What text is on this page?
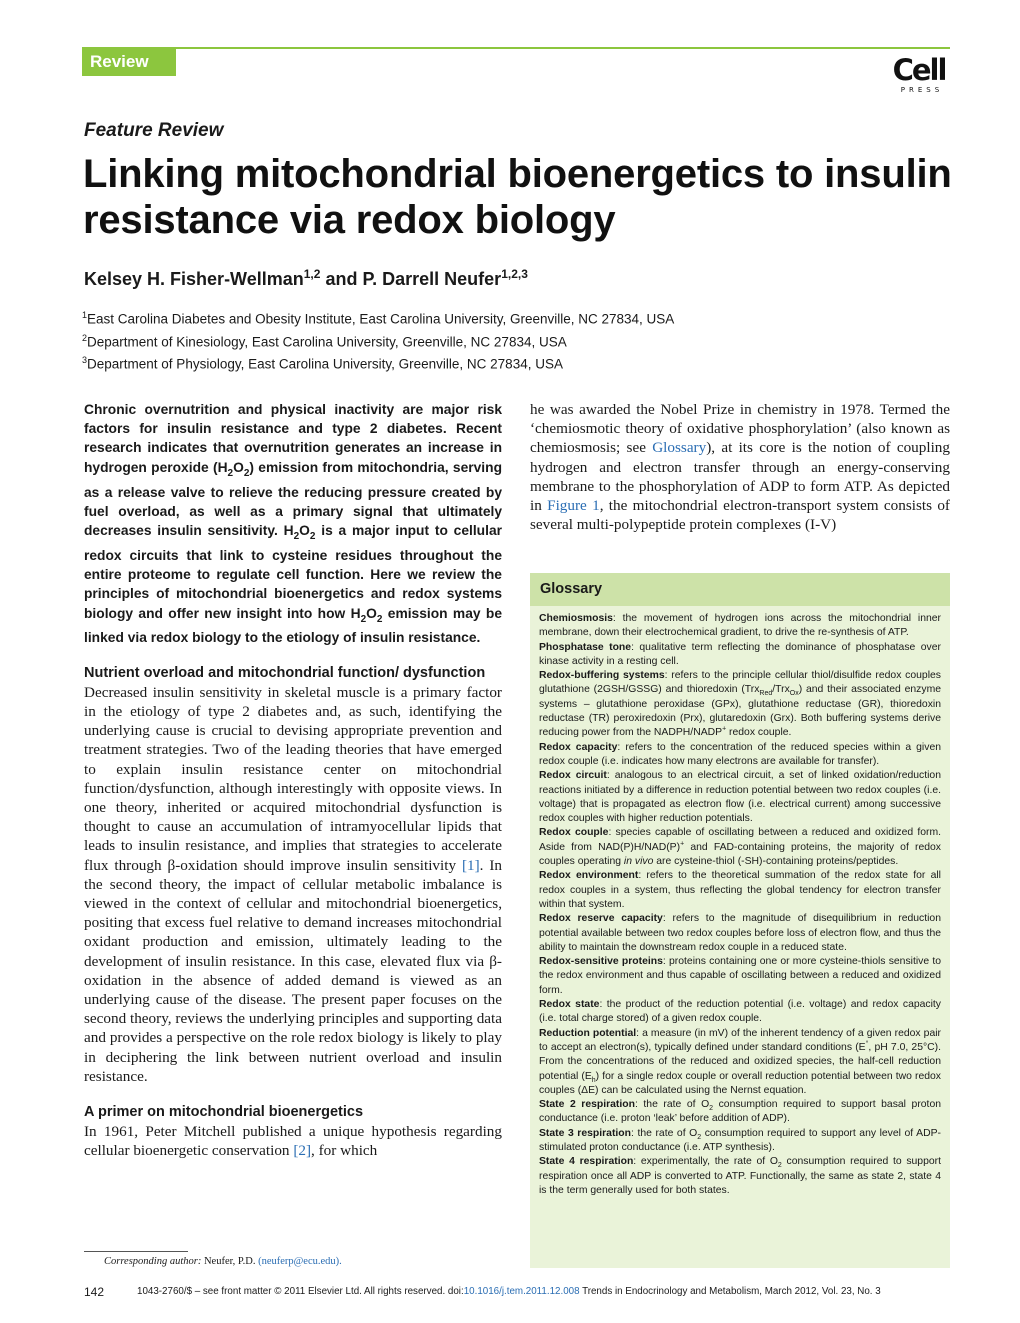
Review	Cell
PRESS
Feature Review
Linking mitochondrial bioenergetics to insulin resistance via redox biology
Kelsey H. Fisher-Wellman$^{1,2}$ and P. Darrell Neufer$^{1,2,3}$
$^1$East Carolina Diabetes and Obesity Institute, East Carolina University, Greenville, NC 27834, USA
$^2$Department of Kinesiology, East Carolina University, Greenville, NC 27834, USA
$^3$Department of Physiology, East Carolina University, Greenville, NC 27834, USA

Chronic overnutrition and physical inactivity are major risk factors for insulin resistance and type 2 diabetes. Recent research indicates that overnutrition generates an increase in hydrogen peroxide $(H_2O_2)$ emission from mitochondria, serving as a release valve to relieve the reducing pressure created by fuel overload, as well as a primary signal that ultimately decreases insulin sensitivity. $H_2O_2$ is a major input to cellular redox circuits that link to cysteine residues throughout the entire proteome to regulate cell function. Here we review the principles of mitochondrial bioenergetics and redox systems biology and offer new insight into how $H_2O_2$ emission may be linked via redox biology to the etiology of insulin resistance.

Nutrient overload and mitochondrial function/ dysfunction

Decreased insulin sensitivity in skeletal muscle is a primary factor in the etiology of type 2 diabetes and, as such, identifying the underlying cause is crucial to devising appropriate prevention and treatment strategies. Two of the leading theories that have emerged to explain insulin resistance center on mitochondrial function/dysfunction, although interestingly with opposite views. In one theory, inherited or acquired mitochondrial dysfunction is thought to cause an accumulation of intramyocellular lipids that leads to insulin resistance, and implies that strategies to accelerate flux through β-oxidation should improve insulin sensitivity [1]. In the second theory, the impact of cellular metabolic imbalance is viewed in the context of cellular and mitochondrial bioenergetics, positing that excess fuel relative to demand increases mitochondrial oxidant production and emission, ultimately leading to the development of insulin resistance. In this case, elevated flux via β-oxidation in the absence of added demand is viewed as an underlying cause of the disease. The present paper focuses on the second theory, reviews the underlying principles and supporting data and provides a perspective on the role redox biology is likely to play in deciphering the link between nutrient overload and insulin resistance.

A primer on mitochondrial bioenergetics

In 1961, Peter Mitchell published a unique hypothesis regarding cellular bioenergetic conservation [2], for which

he was awarded the Nobel Prize in chemistry in 1978. Termed the ‘chemiosmotic theory of oxidative phosphorylation’ (also known as chemiosmosis; see Glossary), at its core is the notion of coupling hydrogen and electron transfer through an energy-conserving membrane to the phosphorylation of ADP to form ATP. As depicted in Figure 1, the mitochondrial electron-transport system consists of several multi-polypeptide protein complexes (I-V)

Glossary

Chemiosmosis: the movement of hydrogen ions across the mitochondrial inner membrane, down their electrochemical gradient, to drive the re-synthesis of ATP.

Phosphatase tone: qualitative term reflecting the dominance of phosphatase over kinase activity in a resting cell.

Redox-buffering systems: refers to the principle cellular thiol/disulfide redox couples glutathione (2GSH/GSSG) and thioredoxin (Trx$_{Red}$/Trx$_{Ox}$) and their associated enzyme systems – glutathione peroxidase (GPx), glutathione reductase (GR), thioredoxin reductase (TR) peroxiredoxin (Prx), glutaredoxin (Grx). Both buffering systems derive reducing power from the NADPH/NADP+ redox couple.

Redox capacity: refers to the concentration of the reduced species within a given redox couple (i.e. indicates how many electrons are available for transfer).

Redox circuit: analogous to an electrical circuit, a set of linked oxidation/reduction reactions initiated by a difference in reduction potential between two redox couples (i.e. voltage) that is propagated as electron flow (i.e. electrical current) among successive redox couples with higher reduction potentials.

Redox couple: species capable of oscillating between a reduced and oxidized form. Aside from NAD(P)H/NAD(P)+ and FAD-containing proteins, the majority of redox couples operating in vivo are cysteine-thiol (-SH)-containing proteins/peptides.

Redox environment: refers to the theoretical summation of the redox state for all redox couples in a system, thus reflecting the global tendency for electron transfer within that system.

Redox reserve capacity: refers to the magnitude of disequilibrium in reduction potential available between two redox couples before loss of electron flow, and thus the ability to maintain the downstream redox couple in a reduced state.

Redox-sensitive proteins: proteins containing one or more cysteine-thiols sensitive to the redox environment and thus capable of oscillating between a reduced and oxidized form.

Redox state: the product of the reduction potential (i.e. voltage) and redox capacity (i.e. total charge stored) of a given redox couple.

Reduction potential: a measure (in mV) of the inherent tendency of a given redox pair to accept an electron(s), typically defined under standard conditions (E°, pH 7.0, 25°C). From the concentrations of the reduced and oxidized species, the half-cell reduction potential $(E_h)$ for a single redox couple or overall reduction potential between two redox couples (ΔE) can be calculated using the Nernst equation.

State 2 respiration: the rate of $O_2$ consumption required to support basal proton conductance (i.e. proton ‘leak’ before addition of ADP).

State 3 respiration: the rate of $O_2$ consumption required to support any level of ADP-stimulated proton conductance (i.e. ATP synthesis).

State 4 respiration: experimentally, the rate of $O_2$ consumption required to support respiration once all ADP is converted to ATP. Functionally, the same as state 2, state 4 is the term generally used for both states.

Corresponding author: Neufer, P.D. (neuferp@ecu.edu).
142	1043-2760/$ – see front matter © 2011 Elsevier Ltd. All rights reserved. doi:10.1016/j.tem.2011.12.008 Trends in Endocrinology and Metabolism, March 2012, Vol. 23, No. 3
